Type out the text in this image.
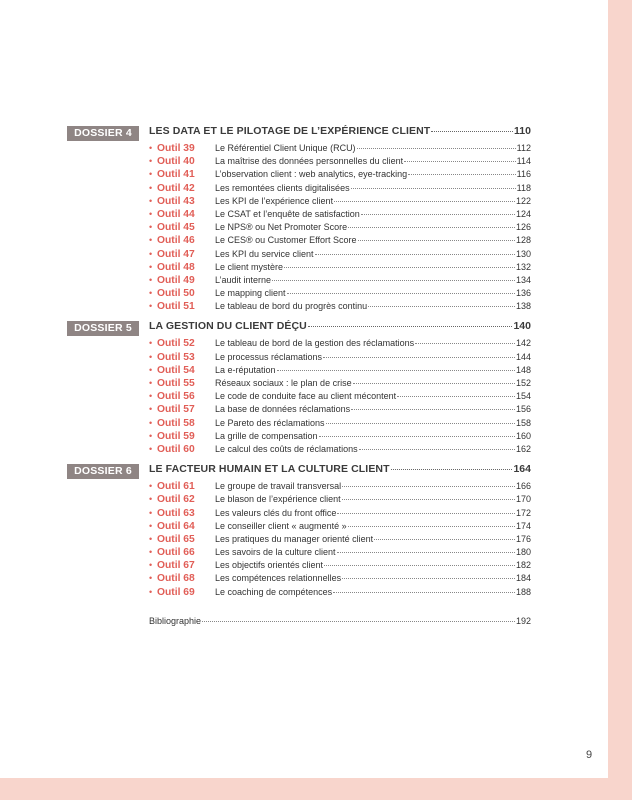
DOSSIER 4	LES DATA ET LE PILOTAGE DE L’EXPÉRIENCE CLIENT	110
• Outil 39	Le Référentiel Client Unique (RCU)	112
• Outil 40	La maîtrise des données personnelles du client	114
• Outil 41	L’observation client : web analytics, eye-tracking	116
• Outil 42	Les remontées clients digitalisées	118
• Outil 43	Les KPI de l’expérience client	122
• Outil 44	Le CSAT et l’enquête de satisfaction	124
• Outil 45	Le NPS® ou Net Promoter Score	126
• Outil 46	Le CES® ou Customer Effort Score	128
• Outil 47	Les KPI du service client	130
• Outil 48	Le client mystère	132
• Outil 49	L’audit interne	134
• Outil 50	Le mapping client	136
• Outil 51	Le tableau de bord du progrès continu	138
DOSSIER 5	LA GESTION DU CLIENT DÉÇU	140
• Outil 52	Le tableau de bord de la gestion des réclamations	142
• Outil 53	Le processus réclamations	144
• Outil 54	La e-réputation	148
• Outil 55	Réseaux sociaux : le plan de crise	152
• Outil 56	Le code de conduite face au client mécontent	154
• Outil 57	La base de données réclamations	156
• Outil 58	Le Pareto des réclamations	158
• Outil 59	La grille de compensation	160
• Outil 60	Le calcul des coûts de réclamations	162
DOSSIER 6	LE FACTEUR HUMAIN ET LA CULTURE CLIENT	164
• Outil 61	Le groupe de travail transversal	166
• Outil 62	Le blason de l’expérience client	170
• Outil 63	Les valeurs clés du front office	172
• Outil 64	Le conseiller client « augmenté »	174
• Outil 65	Les pratiques du manager orienté client	176
• Outil 66	Les savoirs de la culture client	180
• Outil 67	Les objectifs orientés client	182
• Outil 68	Les compétences relationnelles	184
• Outil 69	Le coaching de compétences	188
Bibliographie	192
9
